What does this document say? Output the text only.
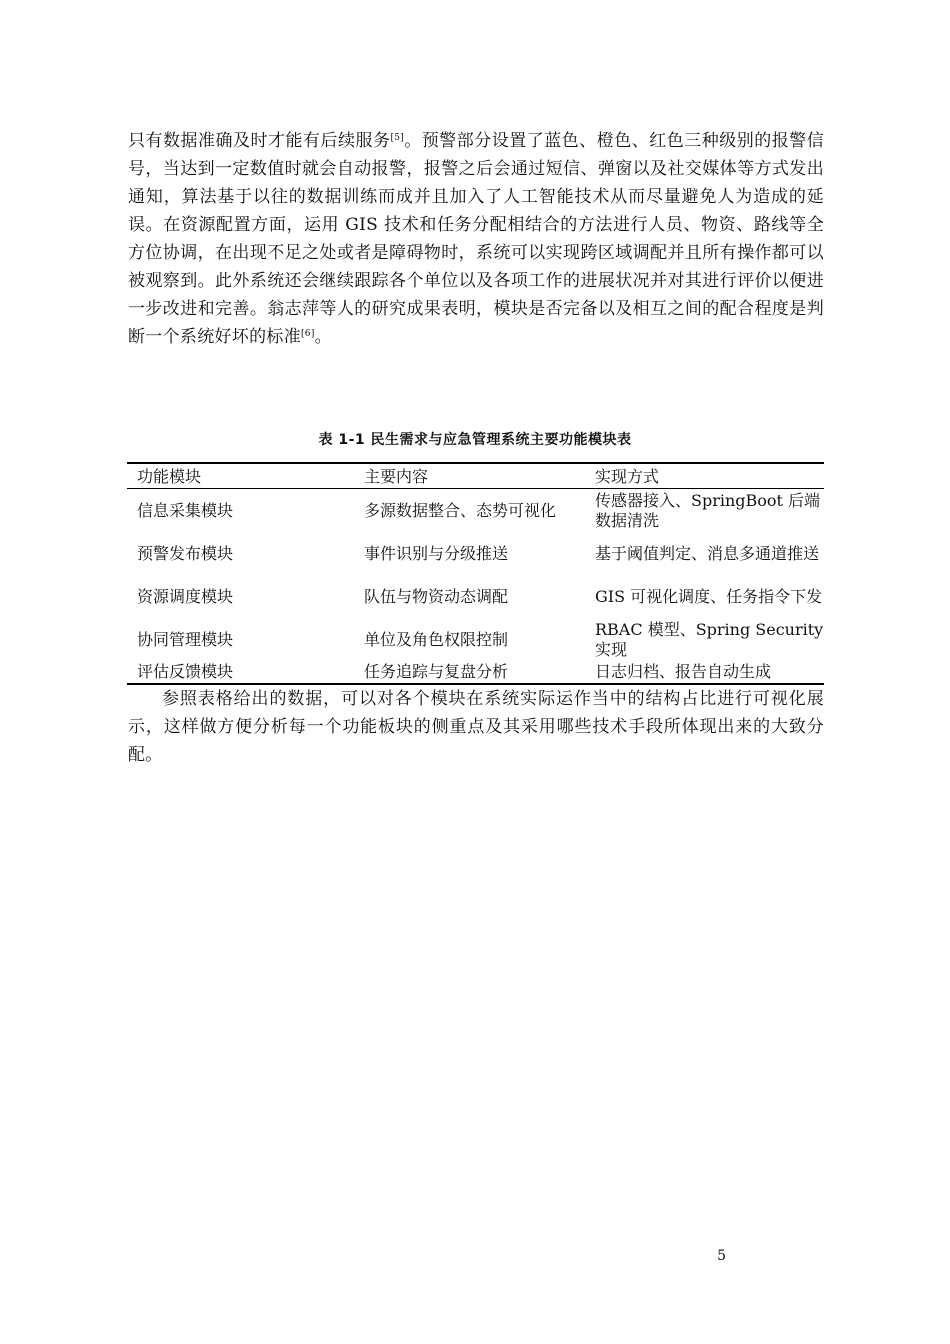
只有数据准确及时才能有后续服务[5]。预警部分设置了蓝色、橙色、红色三种级别的报警信号，当达到一定数值时就会自动报警，报警之后会通过短信、弹窗以及社交媒体等方式发出通知，算法基于以往的数据训练而成并且加入了人工智能技术从而尽量避免人为造成的延误。在资源配置方面，运用 GIS 技术和任务分配相结合的方法进行人员、物资、路线等全方位协调，在出现不足之处或者是障碍物时，系统可以实现跨区域调配并且所有操作都可以被观察到。此外系统还会继续跟踪各个单位以及各项工作的进展状况并对其进行评价以便进一步改进和完善。翁志萍等人的研究成果表明，模块是否完备以及相互之间的配合程度是判断一个系统好坏的标准[6]。

表 1-1 民生需求与应急管理系统主要功能模块表
功能模块	主要内容	实现方式
信息采集模块	多源数据整合、态势可视化	传感器接入、SpringBoot 后端数据清洗
预警发布模块	事件识别与分级推送	基于阈值判定、消息多通道推送
资源调度模块	队伍与物资动态调配	GIS 可视化调度、任务指令下发
协同管理模块	单位及角色权限控制	RBAC 模型、Spring Security 实现
评估反馈模块	任务追踪与复盘分析	日志归档、报告自动生成

参照表格给出的数据，可以对各个模块在系统实际运作当中的结构占比进行可视化展示，这样做方便分析每一个功能板块的侧重点及其采用哪些技术手段所体现出来的大致分配。

5
